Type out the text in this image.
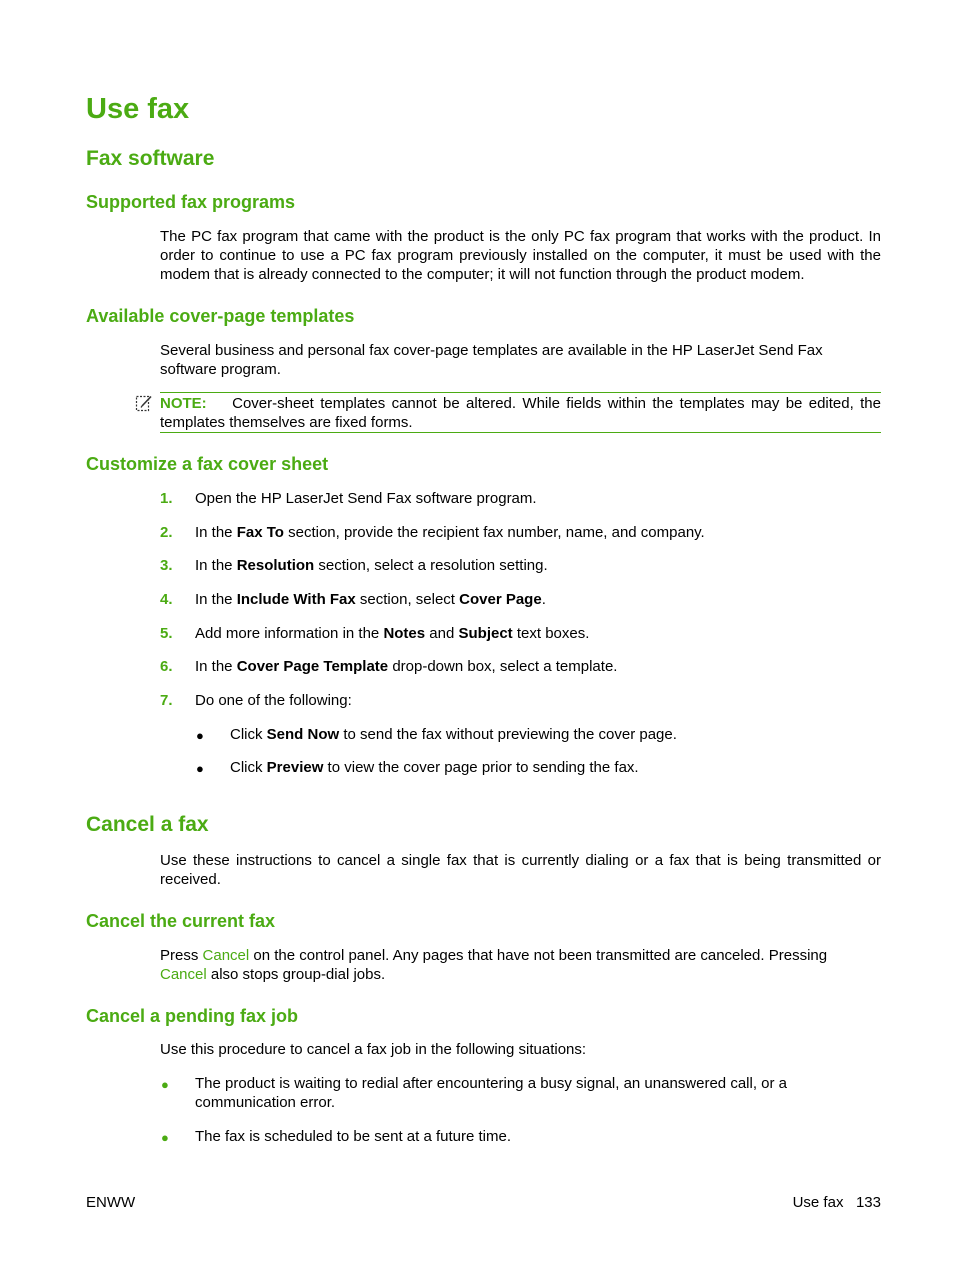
Use fax
Fax software
Supported fax programs
The PC fax program that came with the product is the only PC fax program that works with the product. In order to continue to use a PC fax program previously installed on the computer, it must be used with the modem that is already connected to the computer; it will not function through the product modem.
Available cover-page templates
Several business and personal fax cover-page templates are available in the HP LaserJet Send Fax software program.
NOTE: Cover-sheet templates cannot be altered. While fields within the templates may be edited, the templates themselves are fixed forms.
Customize a fax cover sheet
1. Open the HP LaserJet Send Fax software program.
2. In the Fax To section, provide the recipient fax number, name, and company.
3. In the Resolution section, select a resolution setting.
4. In the Include With Fax section, select Cover Page.
5. Add more information in the Notes and Subject text boxes.
6. In the Cover Page Template drop-down box, select a template.
7. Do one of the following:
● Click Send Now to send the fax without previewing the cover page.
● Click Preview to view the cover page prior to sending the fax.
Cancel a fax
Use these instructions to cancel a single fax that is currently dialing or a fax that is being transmitted or received.
Cancel the current fax
Press Cancel on the control panel. Any pages that have not been transmitted are canceled. Pressing
Cancel also stops group-dial jobs.
Cancel a pending fax job
Use this procedure to cancel a fax job in the following situations:
● The product is waiting to redial after encountering a busy signal, an unanswered call, or a communication error.
● The fax is scheduled to be sent at a future time.
ENWW	Use fax 133
